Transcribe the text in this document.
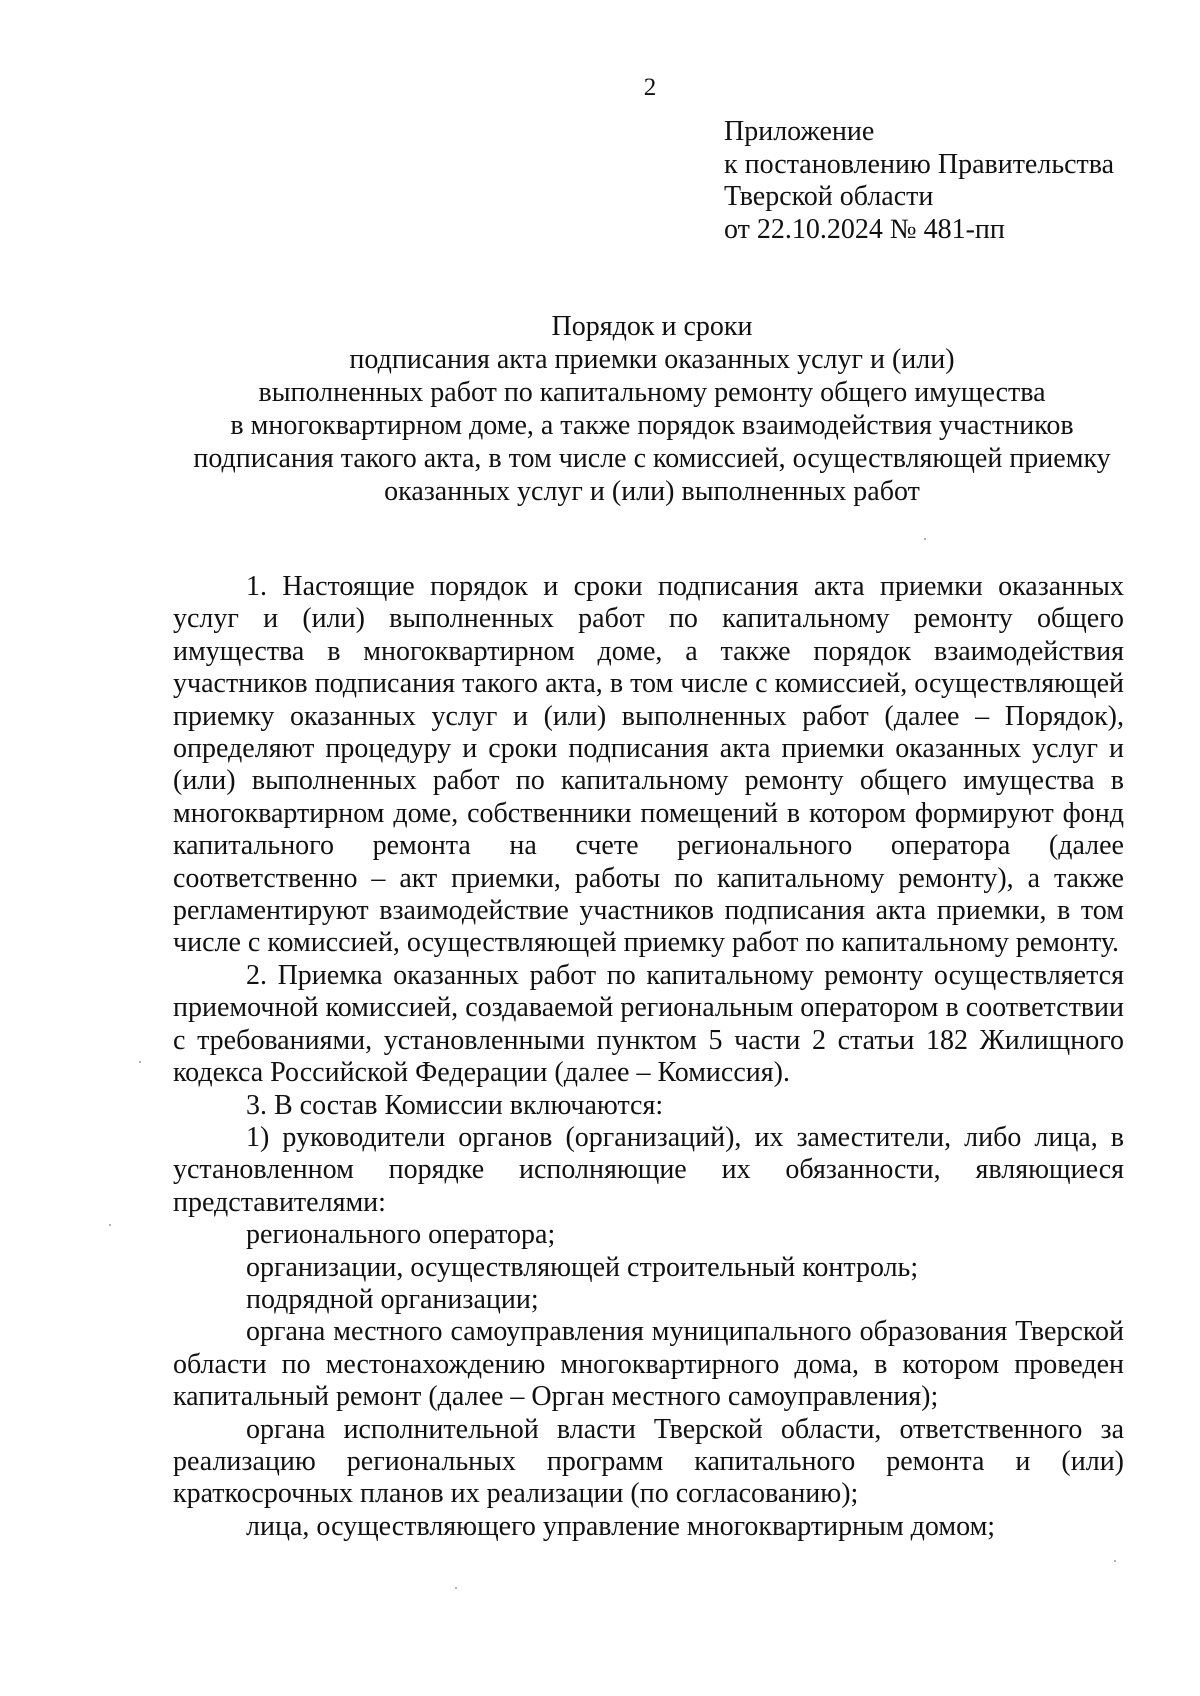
2
Приложение
к постановлению Правительства
Тверской области
от 22.10.2024 № 481-пп
Порядок и сроки
подписания акта приемки оказанных услуг и (или)
выполненных работ по капитальному ремонту общего имущества
в многоквартирном доме, а также порядок взаимодействия участников
подписания такого акта, в том числе с комиссией, осуществляющей приемку
оказанных услуг и (или) выполненных работ

1. Настоящие порядок и сроки подписания акта приемки оказанных услуг и (или) выполненных работ по капитальному ремонту общего имущества в многоквартирном доме, а также порядок взаимодействия участников подписания такого акта, в том числе с комиссией, осуществляющей приемку оказанных услуг и (или) выполненных работ (далее – Порядок), определяют процедуру и сроки подписания акта приемки оказанных услуг и (или) выполненных работ по капитальному ремонту общего имущества в многоквартирном доме, собственники помещений в котором формируют фонд капитального ремонта на счете регионального оператора (далее соответственно – акт приемки, работы по капитальному ремонту), а также регламентируют взаимодействие участников подписания акта приемки, в том числе с комиссией, осуществляющей приемку работ по капитальному ремонту.

2. Приемка оказанных работ по капитальному ремонту осуществляется приемочной комиссией, создаваемой региональным оператором в соответствии с требованиями, установленными пунктом 5 части 2 статьи 182 Жилищного кодекса Российской Федерации (далее – Комиссия).

3. В состав Комиссии включаются:

1) руководители органов (организаций), их заместители, либо лица, в установленном порядке исполняющие их обязанности, являющиеся представителями:

регионального оператора;

организации, осуществляющей строительный контроль;

подрядной организации;

органа местного самоуправления муниципального образования Тверской области по местонахождению многоквартирного дома, в котором проведен капитальный ремонт (далее – Орган местного самоуправления);

органа исполнительной власти Тверской области, ответственного за реализацию региональных программ капитального ремонта и (или) краткосрочных планов их реализации (по согласованию);

лица, осуществляющего управление многоквартирным домом;
